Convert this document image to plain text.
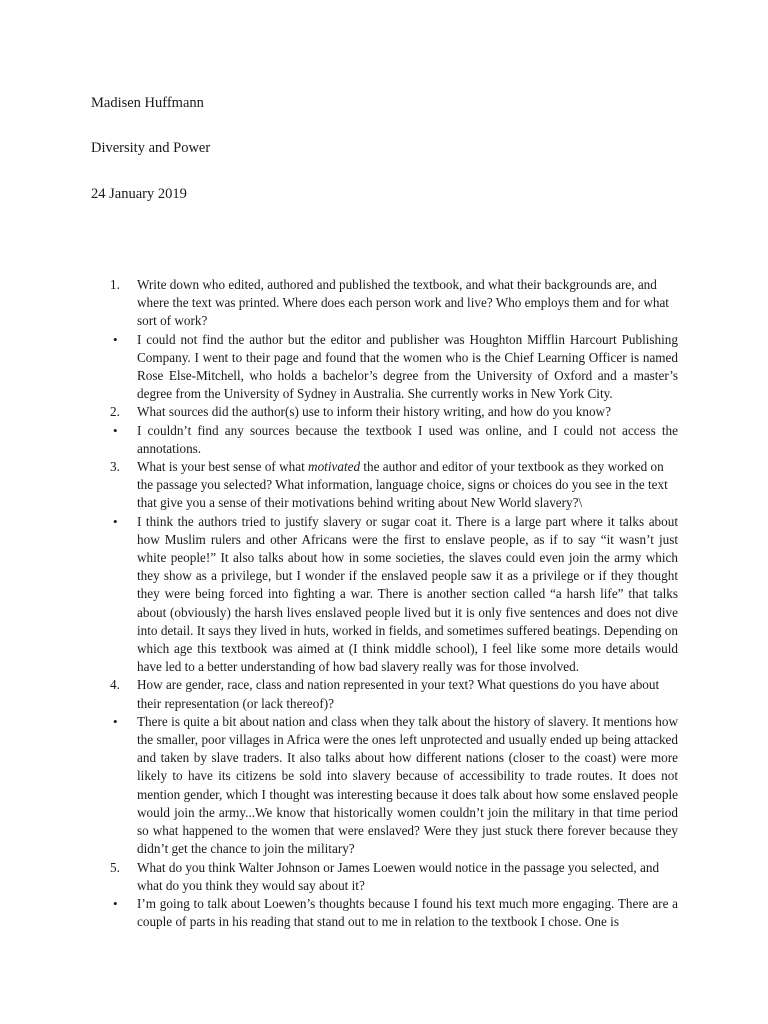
Madisen Huffmann
Diversity and Power
24 January 2019
1.	Write down who edited, authored and published the textbook, and what their backgrounds are, and where the text was printed. Where does each person work and live? Who employs them and for what sort of work?
•	I could not find the author but the editor and publisher was Houghton Mifflin Harcourt Publishing Company. I went to their page and found that the women who is the Chief Learning Officer is named Rose Else-Mitchell, who holds a bachelor’s degree from the University of Oxford and a master’s degree from the University of Sydney in Australia. She currently works in New York City.
2.	What sources did the author(s) use to inform their history writing, and how do you know?
•	I couldn’t find any sources because the textbook I used was online, and I could not access the annotations.
3.	What is your best sense of what motivated the author and editor of your textbook as they worked on the passage you selected? What information, language choice, signs or choices do you see in the text that give you a sense of their motivations behind writing about New World slavery?\
•	I think the authors tried to justify slavery or sugar coat it. There is a large part where it talks about how Muslim rulers and other Africans were the first to enslave people, as if to say “it wasn’t just white people!” It also talks about how in some societies, the slaves could even join the army which they show as a privilege, but I wonder if the enslaved people saw it as a privilege or if they thought they were being forced into fighting a war. There is another section called “a harsh life” that talks about (obviously) the harsh lives enslaved people lived but it is only five sentences and does not dive into detail. It says they lived in huts, worked in fields, and sometimes suffered beatings. Depending on which age this textbook was aimed at (I think middle school), I feel like some more details would have led to a better understanding of how bad slavery really was for those involved.
4.	How are gender, race, class and nation represented in your text? What questions do you have about their representation (or lack thereof)?
•	There is quite a bit about nation and class when they talk about the history of slavery. It mentions how the smaller, poor villages in Africa were the ones left unprotected and usually ended up being attacked and taken by slave traders. It also talks about how different nations (closer to the coast) were more likely to have its citizens be sold into slavery because of accessibility to trade routes. It does not mention gender, which I thought was interesting because it does talk about how some enslaved people would join the army...We know that historically women couldn’t join the military in that time period so what happened to the women that were enslaved? Were they just stuck there forever because they didn’t get the chance to join the military?
5.	What do you think Walter Johnson or James Loewen would notice in the passage you selected, and what do you think they would say about it?
•	I’m going to talk about Loewen’s thoughts because I found his text much more engaging. There are a couple of parts in his reading that stand out to me in relation to the textbook I chose. One is
